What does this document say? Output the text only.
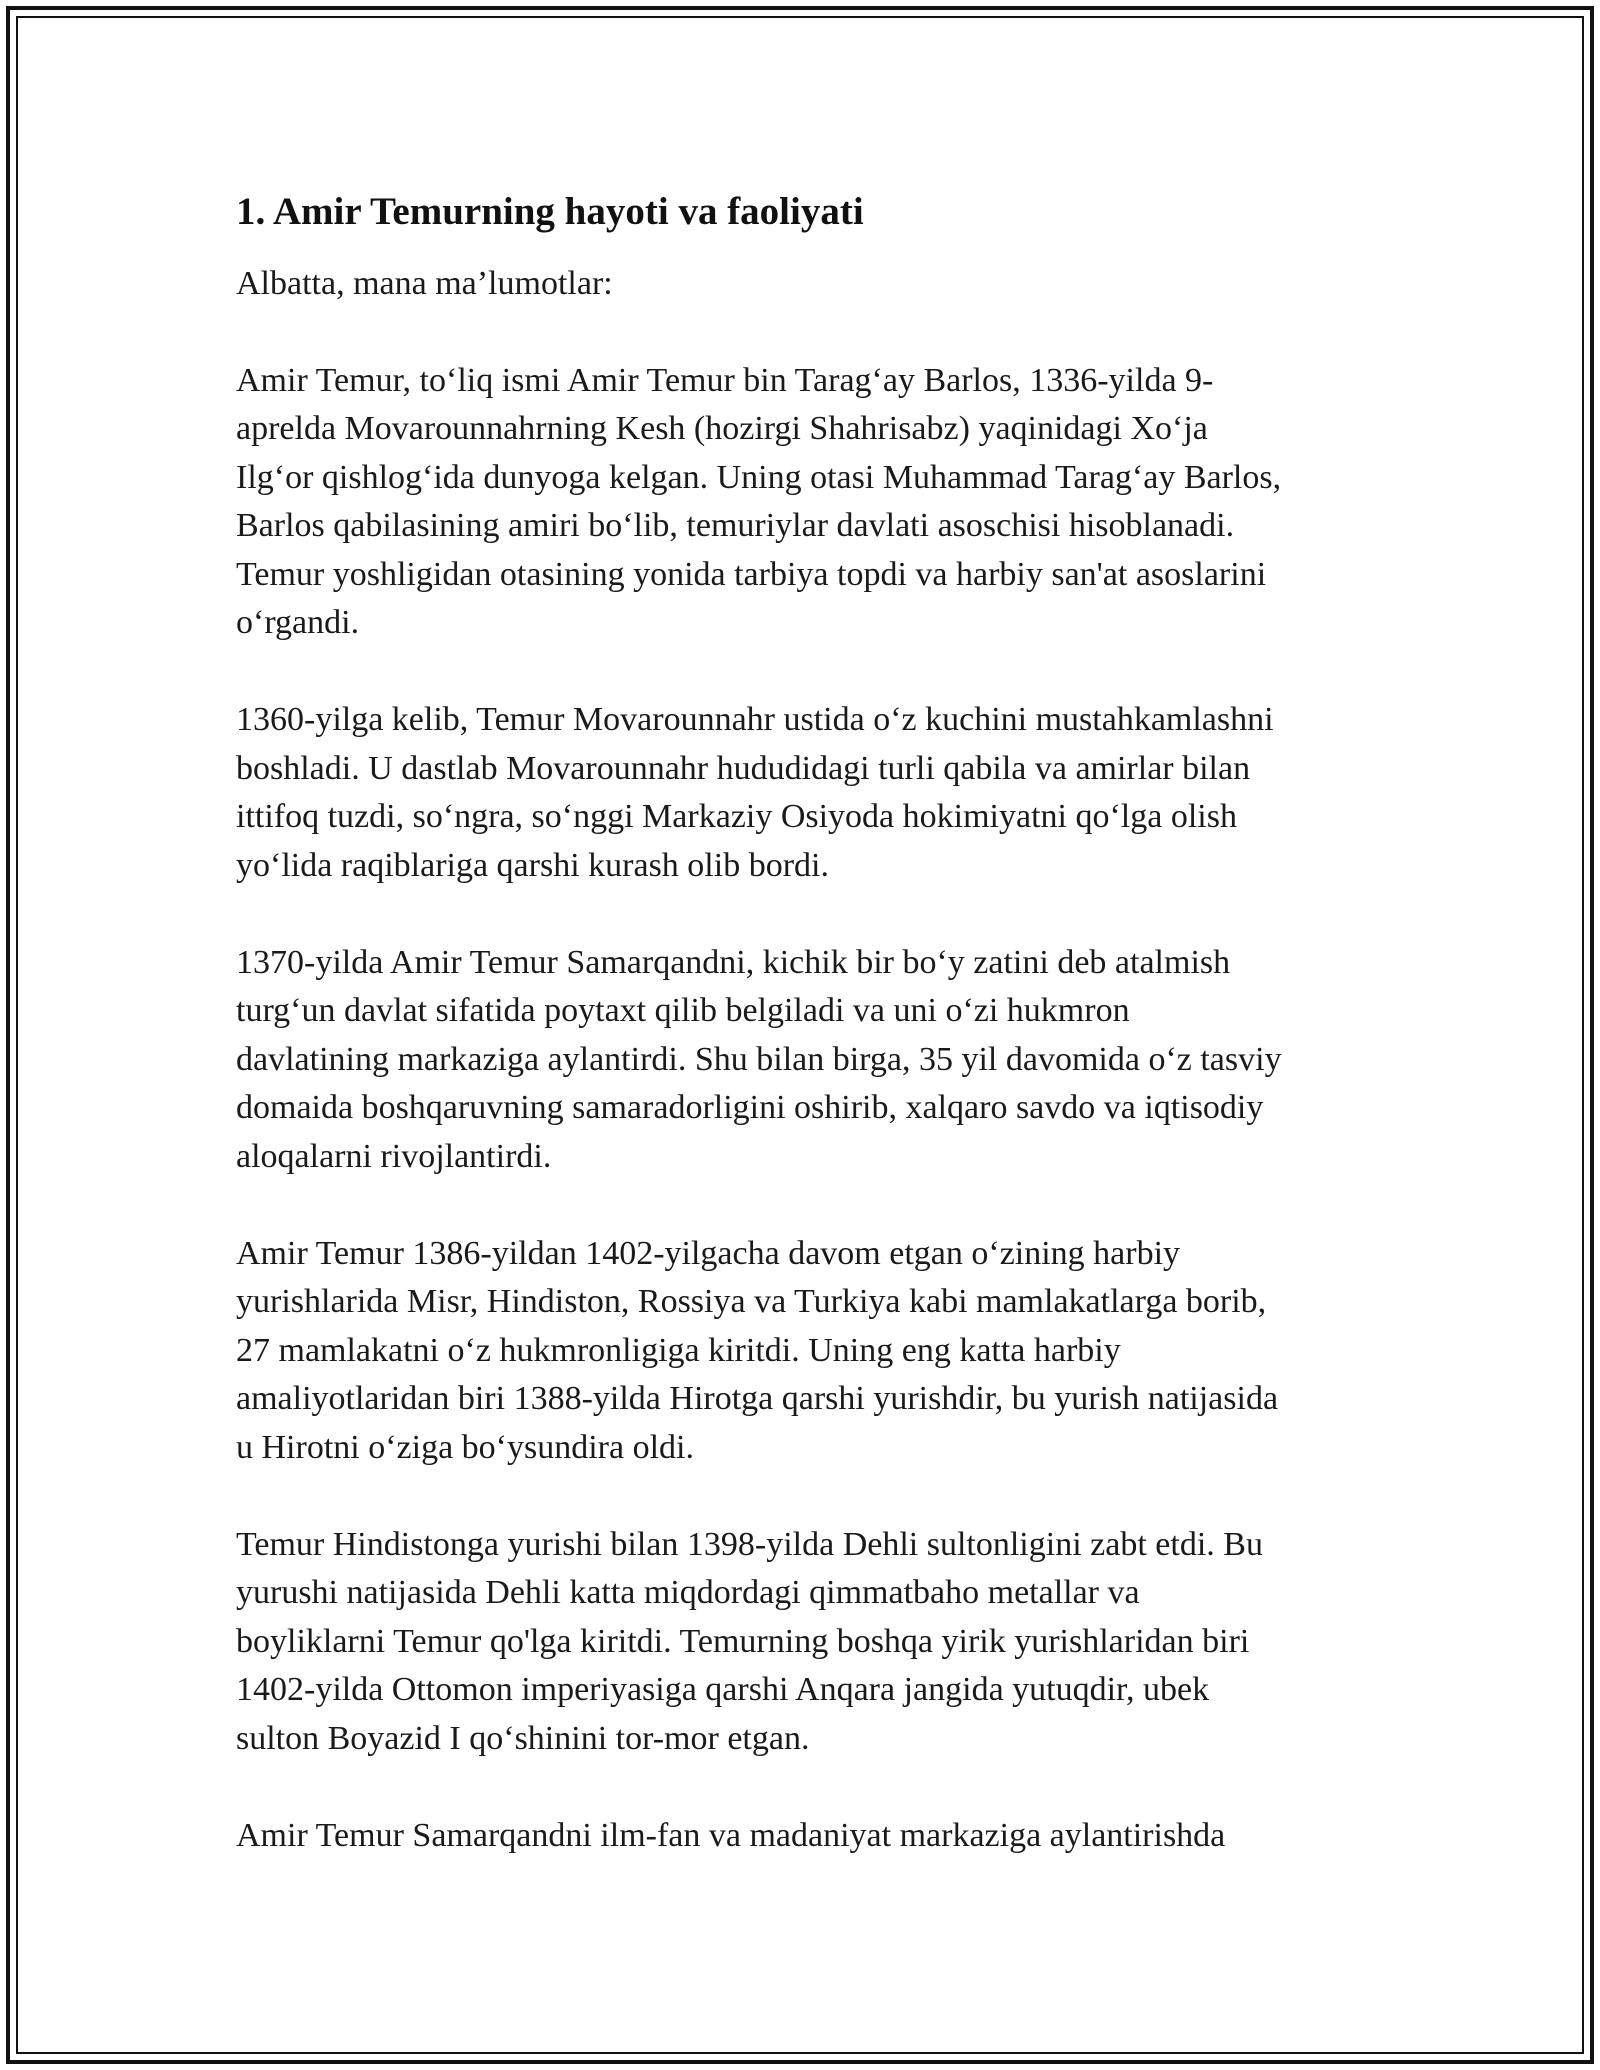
1. Amir Temurning hayoti va faoliyati

Albatta, mana ma’lumotlar:

Amir Temur, to‘liq ismi Amir Temur bin Tarag‘ay Barlos, 1336-yilda 9-
aprelda Movarounnahrning Kesh (hozirgi Shahrisabz) yaqinidagi Xo‘ja
Ilg‘or qishlog‘ida dunyoga kelgan. Uning otasi Muhammad Tarag‘ay Barlos,
Barlos qabilasining amiri bo‘lib, temuriylar davlati asoschisi hisoblanadi.
Temur yoshligidan otasining yonida tarbiya topdi va harbiy san'at asoslarini
o‘rgandi.

1360-yilga kelib, Temur Movarounnahr ustida o‘z kuchini mustahkamlashni
boshladi. U dastlab Movarounnahr hududidagi turli qabila va amirlar bilan
ittifoq tuzdi, so‘ngra, so‘nggi Markaziy Osiyoda hokimiyatni qo‘lga olish
yo‘lida raqiblariga qarshi kurash olib bordi.

1370-yilda Amir Temur Samarqandni, kichik bir bo‘y zatini deb atalmish
turg‘un davlat sifatida poytaxt qilib belgiladi va uni o‘zi hukmron
davlatining markaziga aylantirdi. Shu bilan birga, 35 yil davomida o‘z tasviy
domaida boshqaruvning samaradorligini oshirib, xalqaro savdo va iqtisodiy
aloqalarni rivojlantirdi.

Amir Temur 1386-yildan 1402-yilgacha davom etgan o‘zining harbiy
yurishlarida Misr, Hindiston, Rossiya va Turkiya kabi mamlakatlarga borib,
27 mamlakatni o‘z hukmronligiga kiritdi. Uning eng katta harbiy
amaliyotlaridan biri 1388-yilda Hirotga qarshi yurishdir, bu yurish natijasida
u Hirotni o‘ziga bo‘ysundira oldi.

Temur Hindistonga yurishi bilan 1398-yilda Dehli sultonligini zabt etdi. Bu
yurushi natijasida Dehli katta miqdordagi qimmatbaho metallar va
boyliklarni Temur qo'lga kiritdi. Temurning boshqa yirik yurishlaridan biri
1402-yilda Ottomon imperiyasiga qarshi Anqara jangida yutuqdir, ubek
sulton Boyazid I qo‘shinini tor-mor etgan.

Amir Temur Samarqandni ilm-fan va madaniyat markaziga aylantirishda
